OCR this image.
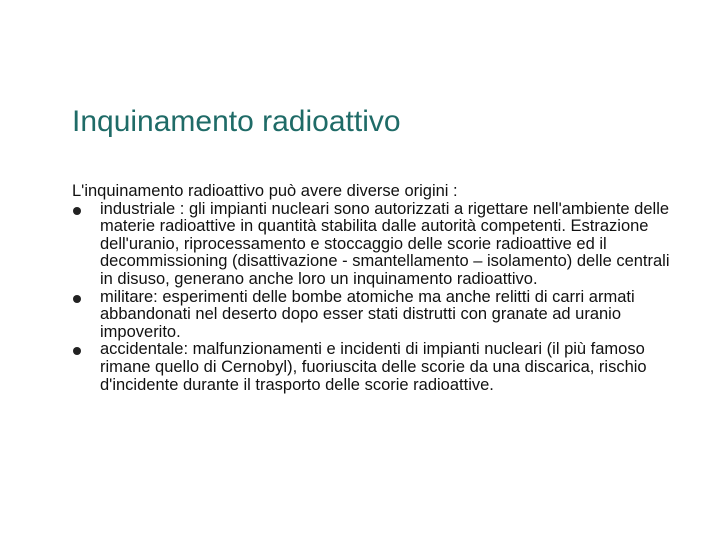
Inquinamento radioattivo

L'inquinamento radioattivo può avere diverse origini :

industriale : gli impianti nucleari sono autorizzati a rigettare nell'ambiente delle materie radioattive in quantità stabilita dalle autorità competenti. Estrazione dell'uranio, riprocessamento e stoccaggio delle scorie radioattive ed il decommissioning (disattivazione - smantellamento – isolamento) delle centrali in disuso, generano anche loro un inquinamento radioattivo.
militare: esperimenti delle bombe atomiche ma anche relitti di carri armati abbandonati nel deserto dopo esser stati distrutti con granate ad uranio impoverito.
accidentale: malfunzionamenti e incidenti di impianti nucleari (il più famoso rimane quello di Cernobyl), fuoriuscita delle scorie da una discarica, rischio d'incidente durante il trasporto delle scorie radioattive.
